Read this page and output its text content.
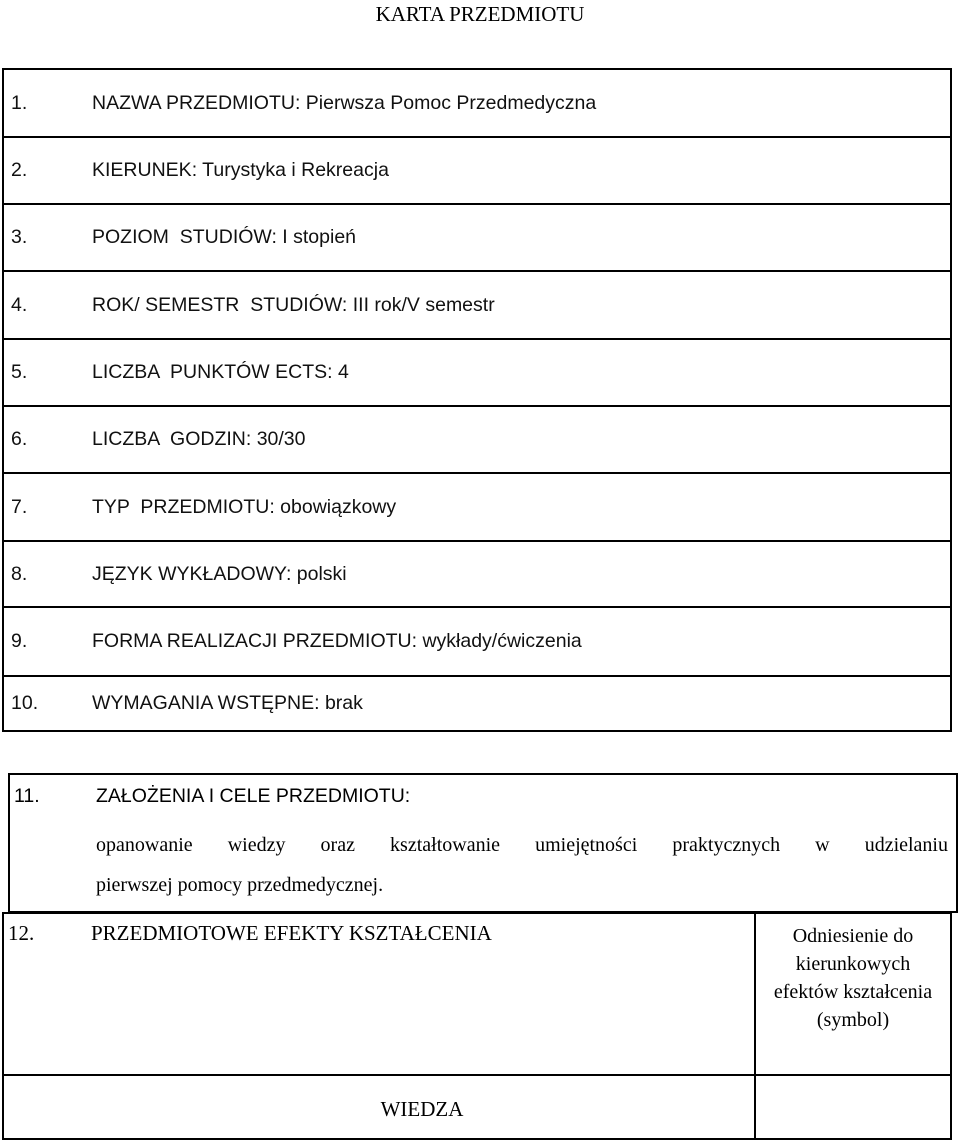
KARTA PRZEDMIOTU
1.	NAZWA PRZEDMIOTU: Pierwsza Pomoc Przedmedyczna
2.	KIERUNEK: Turystyka i Rekreacja
3.	POZIOM  STUDIÓW: I stopień
4.	ROK/ SEMESTR  STUDIÓW: III rok/V semestr
5.	LICZBA  PUNKTÓW ECTS: 4
6.	LICZBA  GODZIN: 30/30
7.	TYP  PRZEDMIOTU: obowiązkowy
8.	JĘZYK WYKŁADOWY: polski
9.	FORMA REALIZACJI PRZEDMIOTU: wykłady/ćwiczenia
10.	WYMAGANIA WSTĘPNE: brak
11.	ZAŁOŻENIA I CELE PRZEDMIOTU:
opanowanie wiedzy oraz kształtowanie umiejętności praktycznych w udzielaniu
pierwszej pomocy przedmedycznej.
12.	PRZEDMIOTOWE EFEKTY KSZTAŁCENIA	Odniesienie do
kierunkowych
efektów kształcenia
(symbol)
WIEDZA
